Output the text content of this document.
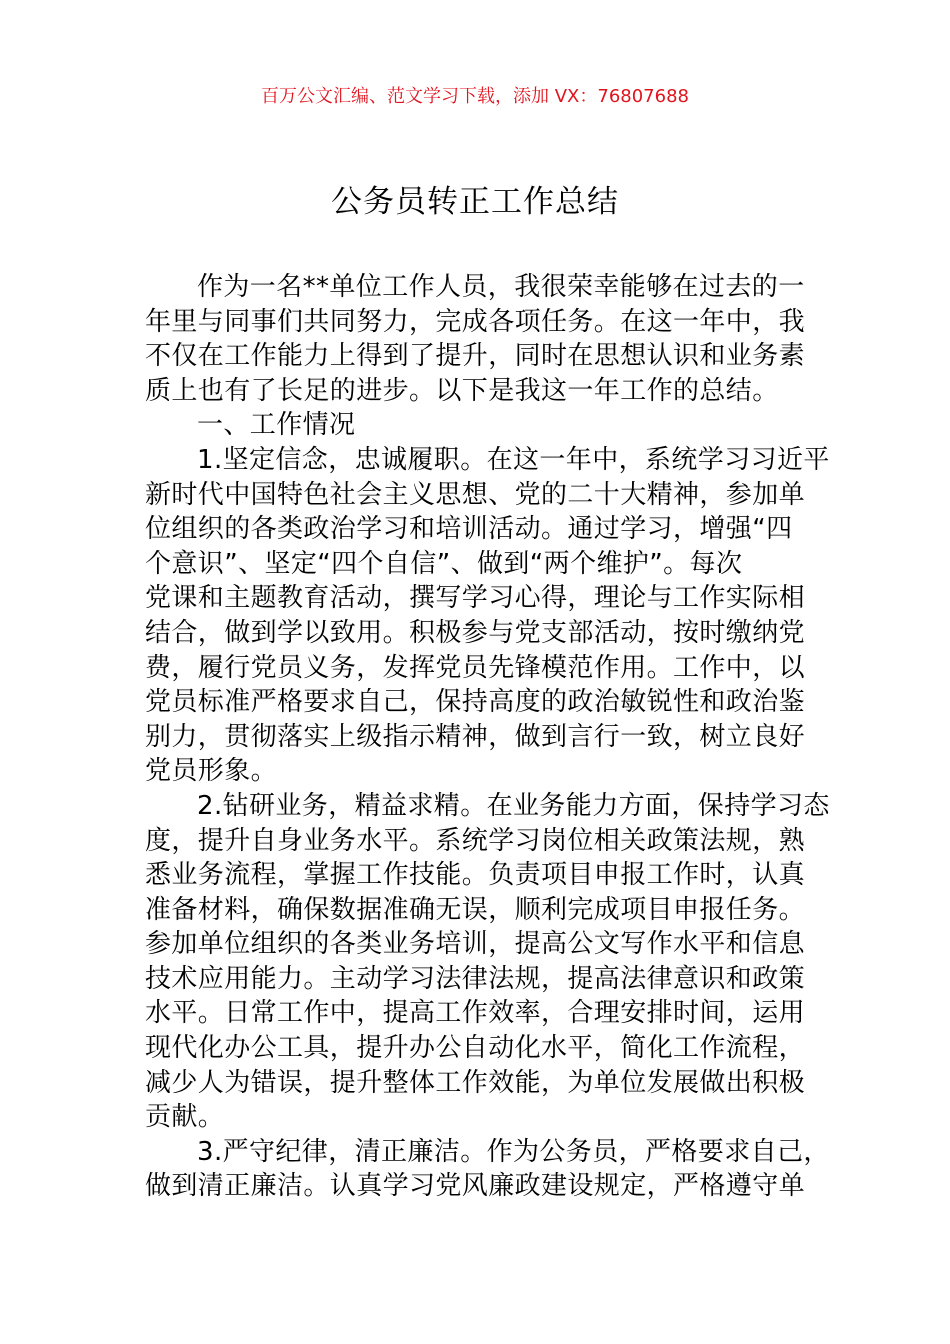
百万公文汇编、范文学习下载，添加 VX：76807688
公务员转正工作总结
作为一名**单位工作人员，我很荣幸能够在过去的一
年里与同事们共同努力，完成各项任务。在这一年中，我
不仅在工作能力上得到了提升，同时在思想认识和业务素
质上也有了长足的进步。以下是我这一年工作的总结。
一、工作情况
1.坚定信念，忠诚履职。在这一年中，系统学习习近平
新时代中国特色社会主义思想、党的二十大精神，参加单
位组织的各类政治学习和培训活动。通过学习，增强“四
个意识”、坚定“四个自信”、做到“两个维护”。每次
党课和主题教育活动，撰写学习心得，理论与工作实际相
结合，做到学以致用。积极参与党支部活动，按时缴纳党
费，履行党员义务，发挥党员先锋模范作用。工作中，以
党员标准严格要求自己，保持高度的政治敏锐性和政治鉴
别力，贯彻落实上级指示精神，做到言行一致，树立良好
党员形象。
2.钻研业务，精益求精。在业务能力方面，保持学习态
度，提升自身业务水平。系统学习岗位相关政策法规，熟
悉业务流程，掌握工作技能。负责项目申报工作时，认真
准备材料，确保数据准确无误，顺利完成项目申报任务。
参加单位组织的各类业务培训，提高公文写作水平和信息
技术应用能力。主动学习法律法规，提高法律意识和政策
水平。日常工作中，提高工作效率，合理安排时间，运用
现代化办公工具，提升办公自动化水平，简化工作流程，
减少人为错误，提升整体工作效能，为单位发展做出积极
贡献。
3.严守纪律，清正廉洁。作为公务员，严格要求自己，
做到清正廉洁。认真学习党风廉政建设规定，严格遵守单
